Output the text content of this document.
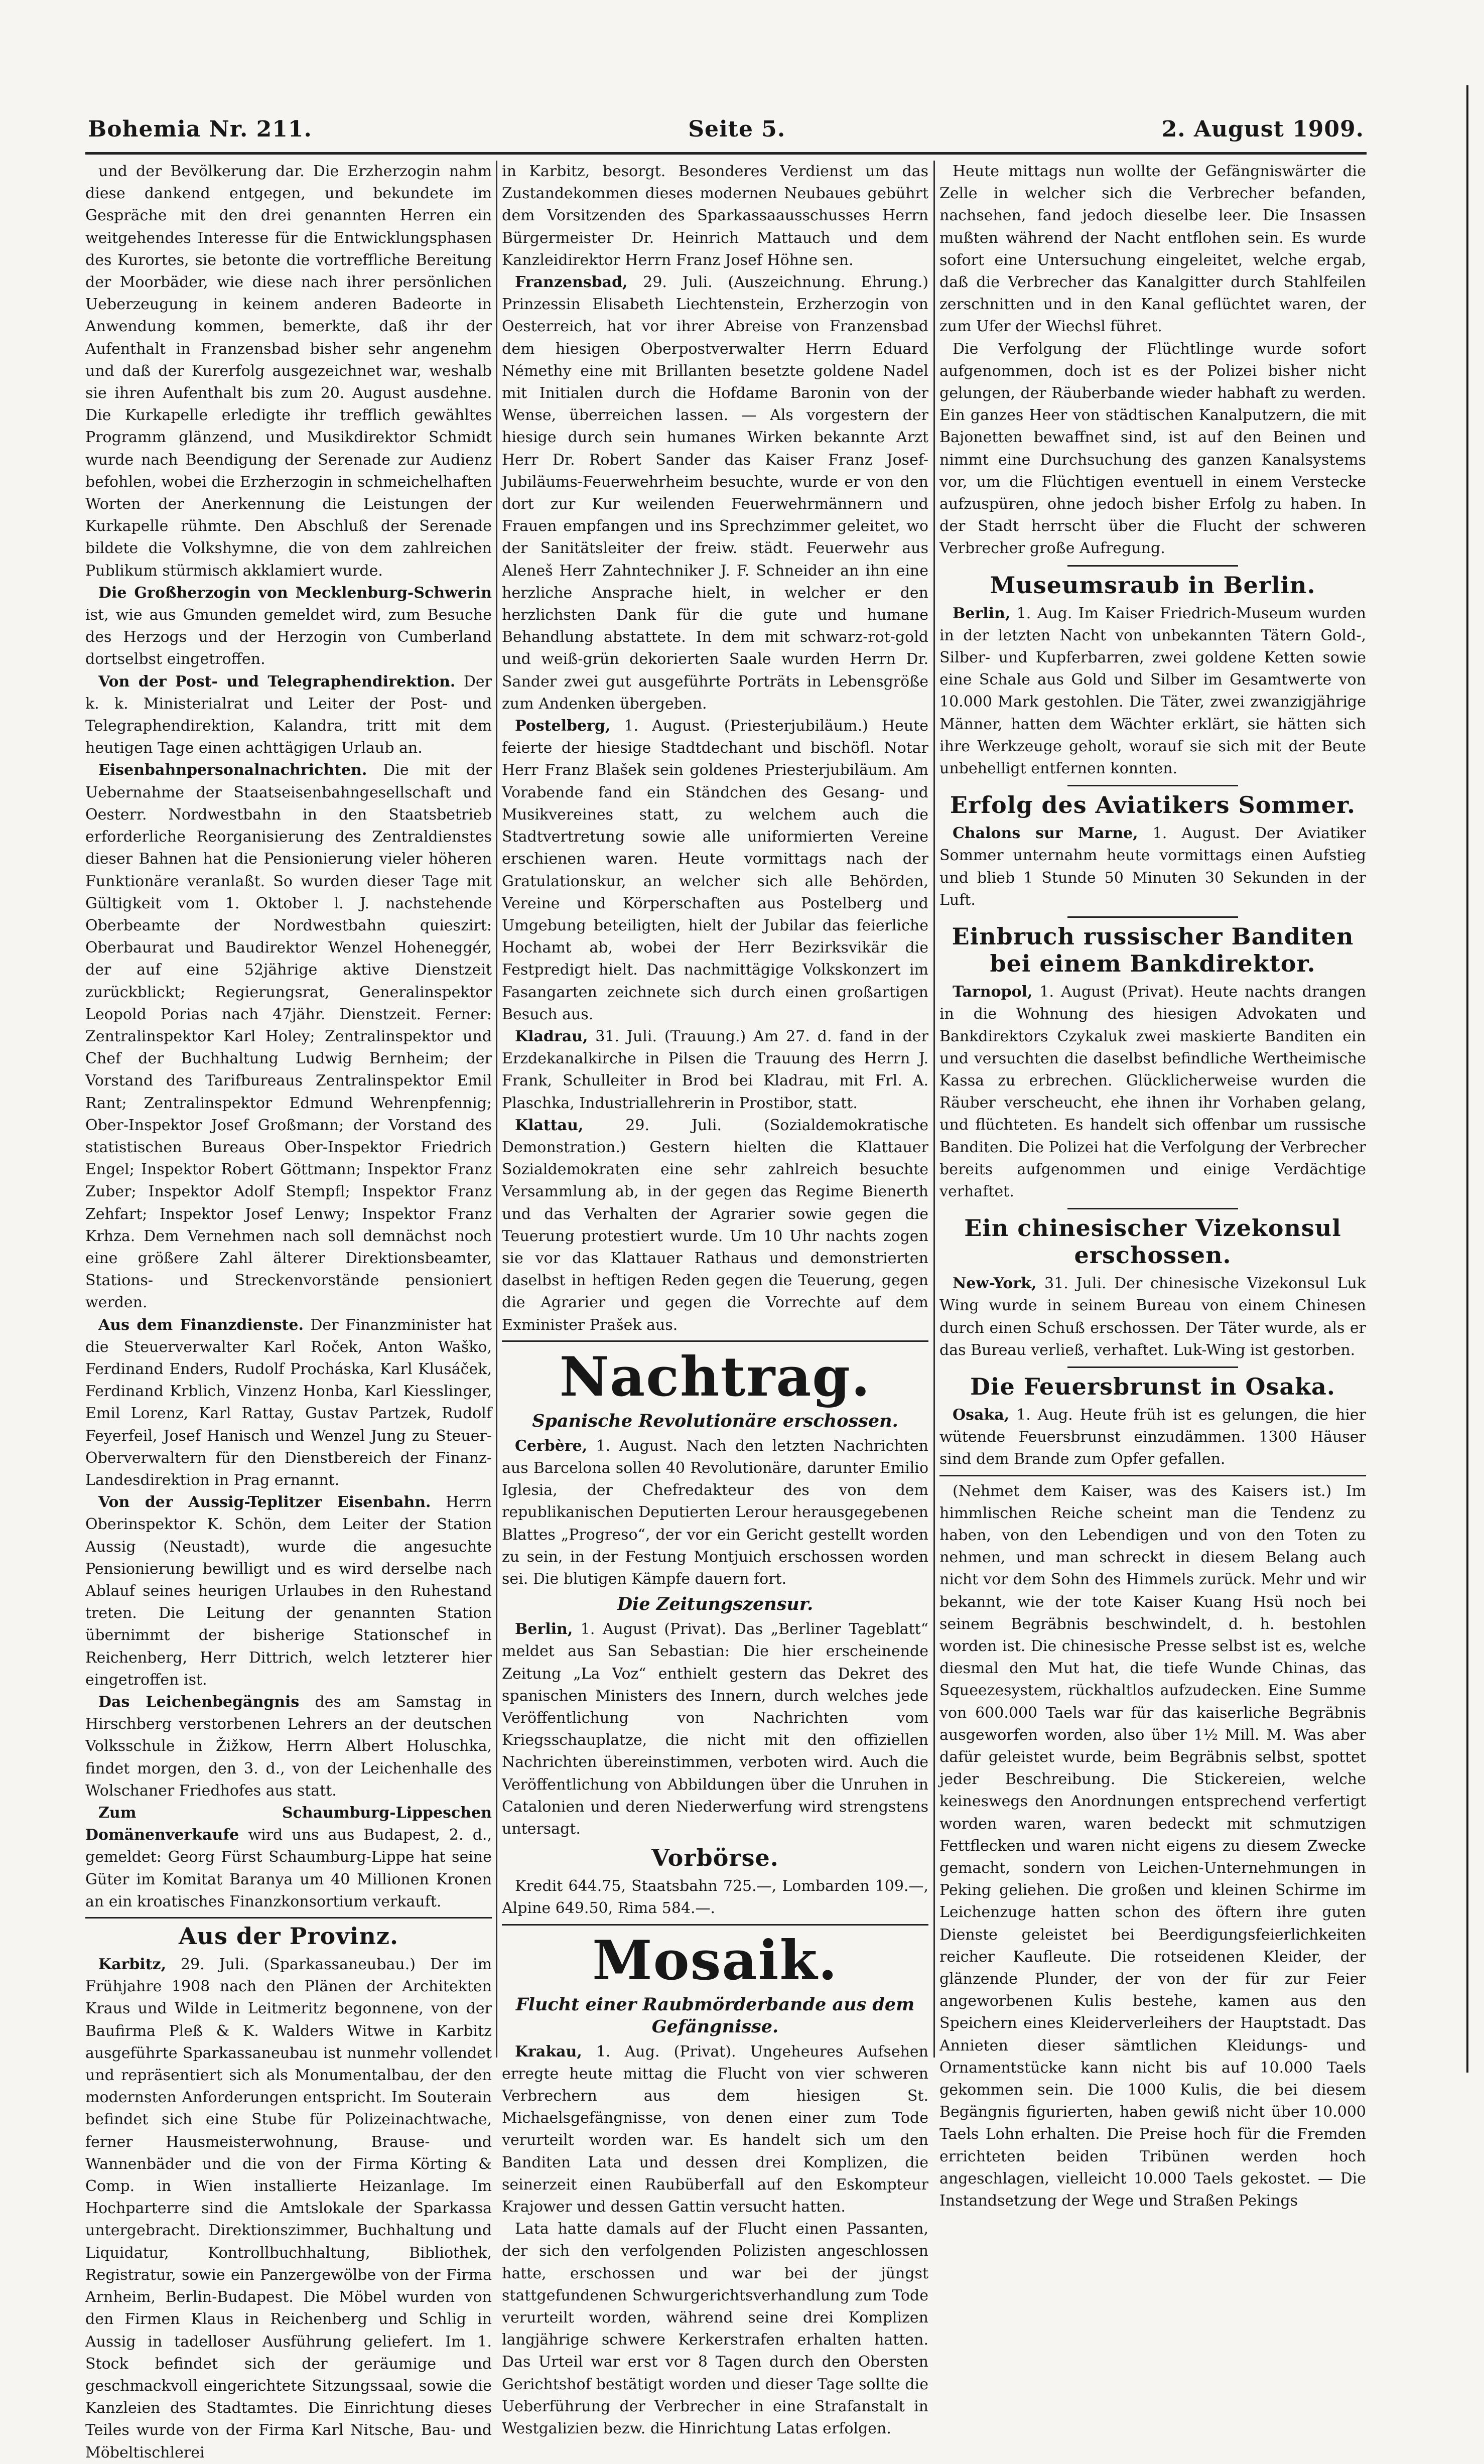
Bohemia Nr. 211.	Seite 5.	2. August 1909.

und der Bevölkerung dar. Die Erzherzogin nahm diese dankend entgegen, und bekundete im Gespräche mit den drei genannten Herren ein weitgehendes Interesse für die Entwicklungsphasen des Kurortes, sie betonte die vortreffliche Bereitung der Moorbäder, wie diese nach ihrer persönlichen Ueberzeugung in keinem anderen Badeorte in Anwendung kommen, bemerkte, daß ihr der Aufenthalt in Franzensbad bisher sehr angenehm und daß der Kurerfolg ausgezeichnet war, weshalb sie ihren Aufenthalt bis zum 20. August ausdehne. Die Kurkapelle erledigte ihr trefflich gewähltes Programm glänzend, und Musikdirektor Schmidt wurde nach Beendigung der Serenade zur Audienz befohlen, wobei die Erzherzogin in schmeichelhaften Worten der Anerkennung die Leistungen der Kurkapelle rühmte. Den Abschluß der Serenade bildete die Volkshymne, die von dem zahlreichen Publikum stürmisch akklamiert wurde.

Die Großherzogin von Mecklenburg-Schwerin ist, wie aus Gmunden gemeldet wird, zum Besuche des Herzogs und der Herzogin von Cumberland dortselbst eingetroffen.

Von der Post- und Telegraphendirektion. Der k. k. Ministerialrat und Leiter der Post- und Telegraphendirektion, Kalandra, tritt mit dem heutigen Tage einen achttägigen Urlaub an.

Eisenbahnpersonalnachrichten. Die mit der Uebernahme der Staatseisenbahngesellschaft und Oesterr. Nordwestbahn in den Staatsbetrieb erforderliche Reorganisierung des Zentraldienstes dieser Bahnen hat die Pensionierung vieler höheren Funktionäre veranlaßt. So wurden dieser Tage mit Gültigkeit vom 1. Oktober l. J. nachstehende Oberbeamte der Nordwestbahn quieszirt: Oberbaurat und Baudirektor Wenzel Hoheneggér, der auf eine 52jährige aktive Dienstzeit zurückblickt; Regierungsrat, Generalinspektor Leopold Porias nach 47jähr. Dienstzeit. Ferner: Zentralinspektor Karl Holey; Zentralinspektor und Chef der Buchhaltung Ludwig Bernheim; der Vorstand des Tarifbureaus Zentralinspektor Emil Rant; Zentralinspektor Edmund Wehrenpfennig; Ober-Inspektor Josef Großmann; der Vorstand des statistischen Bureaus Ober-Inspektor Friedrich Engel; Inspektor Robert Göttmann; Inspektor Franz Zuber; Inspektor Adolf Stempfl; Inspektor Franz Zehfart; Inspektor Josef Lenwy; Inspektor Franz Krhza. Dem Vernehmen nach soll demnächst noch eine größere Zahl älterer Direktionsbeamter, Stations- und Streckenvorstände pensioniert werden.

Aus dem Finanzdienste. Der Finanzminister hat die Steuerverwalter Karl Roček, Anton Waško, Ferdinand Enders, Rudolf Procháska, Karl Klusáček, Ferdinand Krblich, Vinzenz Honba, Karl Kiesslinger, Emil Lorenz, Karl Rattay, Gustav Partzek, Rudolf Feyerfeil, Josef Hanisch und Wenzel Jung zu Steuer-Oberverwaltern für den Dienstbereich der Finanz-Landesdirektion in Prag ernannt.

Von der Aussig-Teplitzer Eisenbahn. Herrn Oberinspektor K. Schön, dem Leiter der Station Aussig (Neustadt), wurde die angesuchte Pensionierung bewilligt und es wird derselbe nach Ablauf seines heurigen Urlaubes in den Ruhestand treten. Die Leitung der genannten Station übernimmt der bisherige Stationschef in Reichenberg, Herr Dittrich, welch letzterer hier eingetroffen ist.

Das Leichenbegängnis des am Samstag in Hirschberg verstorbenen Lehrers an der deutschen Volksschule in Žižkow, Herrn Albert Holuschka, findet morgen, den 3. d., von der Leichenhalle des Wolschaner Friedhofes aus statt.

Zum Schaumburg-Lippeschen Domänenverkaufe wird uns aus Budapest, 2. d., gemeldet: Georg Fürst Schaumburg-Lippe hat seine Güter im Komitat Baranya um 40 Millionen Kronen an ein kroatisches Finanzkonsortium verkauft.

Aus der Provinz.

Karbitz, 29. Juli. (Sparkassaneubau.) Der im Frühjahre 1908 nach den Plänen der Architekten Kraus und Wilde in Leitmeritz begonnene, von der Baufirma Pleß & K. Walders Witwe in Karbitz ausgeführte Sparkassaneubau ist nunmehr vollendet und repräsentiert sich als Monumentalbau, der den modernsten Anforderungen entspricht. Im Souterain befindet sich eine Stube für Polizeinachtwache, ferner Hausmeisterwohnung, Brause- und Wannenbäder und die von der Firma Körting & Comp. in Wien installierte Heizanlage. Im Hochparterre sind die Amtslokale der Sparkassa untergebracht. Direktionszimmer, Buchhaltung und Liquidatur, Kontrollbuchhaltung, Bibliothek, Registratur, sowie ein Panzergewölbe von der Firma Arnheim, Berlin-Budapest. Die Möbel wurden von den Firmen Klaus in Reichenberg und Schlig in Aussig in tadelloser Ausführung geliefert. Im 1. Stock befindet sich der geräumige und geschmackvoll eingerichtete Sitzungssaal, sowie die Kanzleien des Stadtamtes. Die Einrichtung dieses Teiles wurde von der Firma Karl Nitsche, Bau- und Möbeltischlerei

in Karbitz, besorgt. Besonderes Verdienst um das Zustandekommen dieses modernen Neubaues gebührt dem Vorsitzenden des Sparkassaausschusses Herrn Bürgermeister Dr. Heinrich Mattauch und dem Kanzleidirektor Herrn Franz Josef Höhne sen.

Franzensbad, 29. Juli. (Auszeichnung. Ehrung.) Prinzessin Elisabeth Liechtenstein, Erzherzogin von Oesterreich, hat vor ihrer Abreise von Franzensbad dem hiesigen Oberpostverwalter Herrn Eduard Némethy eine mit Brillanten besetzte goldene Nadel mit Initialen durch die Hofdame Baronin von der Wense, überreichen lassen. — Als vorgestern der hiesige durch sein humanes Wirken bekannte Arzt Herr Dr. Robert Sander das Kaiser Franz Josef-Jubiläums-Feuerwehrheim besuchte, wurde er von den dort zur Kur weilenden Feuerwehrmännern und Frauen empfangen und ins Sprechzimmer geleitet, wo der Sanitätsleiter der freiw. städt. Feuerwehr aus Aleneš Herr Zahntechniker J. F. Schneider an ihn eine herzliche Ansprache hielt, in welcher er den herzlichsten Dank für die gute und humane Behandlung abstattete. In dem mit schwarz-rot-gold und weiß-grün dekorierten Saale wurden Herrn Dr. Sander zwei gut ausgeführte Porträts in Lebensgröße zum Andenken übergeben.

Postelberg, 1. August. (Priesterjubiläum.) Heute feierte der hiesige Stadtdechant und bischöfl. Notar Herr Franz Blašek sein goldenes Priesterjubiläum. Am Vorabende fand ein Ständchen des Gesang- und Musikvereines statt, zu welchem auch die Stadtvertretung sowie alle uniformierten Vereine erschienen waren. Heute vormittags nach der Gratulationskur, an welcher sich alle Behörden, Vereine und Körperschaften aus Postelberg und Umgebung beteiligten, hielt der Jubilar das feierliche Hochamt ab, wobei der Herr Bezirksvikär die Festpredigt hielt. Das nachmittägige Volkskonzert im Fasangarten zeichnete sich durch einen großartigen Besuch aus.

Kladrau, 31. Juli. (Trauung.) Am 27. d. fand in der Erzdekanalkirche in Pilsen die Trauung des Herrn J. Frank, Schulleiter in Brod bei Kladrau, mit Frl. A. Plaschka, Industriallehrerin in Prostibor, statt.

Klattau, 29. Juli. (Sozialdemokratische Demonstration.) Gestern hielten die Klattauer Sozialdemokraten eine sehr zahlreich besuchte Versammlung ab, in der gegen das Regime Bienerth und das Verhalten der Agrarier sowie gegen die Teuerung protestiert wurde. Um 10 Uhr nachts zogen sie vor das Klattauer Rathaus und demonstrierten daselbst in heftigen Reden gegen die Teuerung, gegen die Agrarier und gegen die Vorrechte auf dem Exminister Prašek aus.

Nachtrag.
Spanische Revolutionäre erschossen.

Cerbère, 1. August. Nach den letzten Nachrichten aus Barcelona sollen 40 Revolutionäre, darunter Emilio Iglesia, der Chefredakteur des von dem republikanischen Deputierten Lerour herausgegebenen Blattes „Progreso“, der vor ein Gericht gestellt worden zu sein, in der Festung Montjuich erschossen worden sei. Die blutigen Kämpfe dauern fort.

Die Zeitungszensur.

Berlin, 1. August (Privat). Das „Berliner Tageblatt“ meldet aus San Sebastian: Die hier erscheinende Zeitung „La Voz“ enthielt gestern das Dekret des spanischen Ministers des Innern, durch welches jede Veröffentlichung von Nachrichten vom Kriegsschauplatze, die nicht mit den offiziellen Nachrichten übereinstimmen, verboten wird. Auch die Veröffentlichung von Abbildungen über die Unruhen in Catalonien und deren Niederwerfung wird strengstens untersagt.

Vorbörse.

Kredit 644.75, Staatsbahn 725.—, Lombarden 109.—, Alpine 649.50, Rima 584.—.

Mosaik.
Flucht einer Raubmörderbande aus dem Gefängnisse.

Krakau, 1. Aug. (Privat). Ungeheures Aufsehen erregte heute mittag die Flucht von vier schweren Verbrechern aus dem hiesigen St. Michaelsgefängnisse, von denen einer zum Tode verurteilt worden war. Es handelt sich um den Banditen Lata und dessen drei Komplizen, die seinerzeit einen Raubüberfall auf den Eskompteur Krajower und dessen Gattin versucht hatten.

Lata hatte damals auf der Flucht einen Passanten, der sich den verfolgenden Polizisten angeschlossen hatte, erschossen und war bei der jüngst stattgefundenen Schwurgerichtsverhandlung zum Tode verurteilt worden, während seine drei Komplizen langjährige schwere Kerkerstrafen erhalten hatten. Das Urteil war erst vor 8 Tagen durch den Obersten Gerichtshof bestätigt worden und dieser Tage sollte die Ueberführung der Verbrecher in eine Strafanstalt in Westgalizien bezw. die Hinrichtung Latas erfolgen.

Heute mittags nun wollte der Gefängniswärter die Zelle in welcher sich die Verbrecher befanden, nachsehen, fand jedoch dieselbe leer. Die Insassen mußten während der Nacht entflohen sein. Es wurde sofort eine Untersuchung eingeleitet, welche ergab, daß die Verbrecher das Kanalgitter durch Stahlfeilen zerschnitten und in den Kanal geflüchtet waren, der zum Ufer der Wiechsl führet.

Die Verfolgung der Flüchtlinge wurde sofort aufgenommen, doch ist es der Polizei bisher nicht gelungen, der Räuberbande wieder habhaft zu werden. Ein ganzes Heer von städtischen Kanalputzern, die mit Bajonetten bewaffnet sind, ist auf den Beinen und nimmt eine Durchsuchung des ganzen Kanalsystems vor, um die Flüchtigen eventuell in einem Verstecke aufzuspüren, ohne jedoch bisher Erfolg zu haben. In der Stadt herrscht über die Flucht der schweren Verbrecher große Aufregung.

Museumsraub in Berlin.

Berlin, 1. Aug. Im Kaiser Friedrich-Museum wurden in der letzten Nacht von unbekannten Tätern Gold-, Silber- und Kupferbarren, zwei goldene Ketten sowie eine Schale aus Gold und Silber im Gesamtwerte von 10.000 Mark gestohlen. Die Täter, zwei zwanzigjährige Männer, hatten dem Wächter erklärt, sie hätten sich ihre Werkzeuge geholt, worauf sie sich mit der Beute unbehelligt entfernen konnten.

Erfolg des Aviatikers Sommer.

Chalons sur Marne, 1. August. Der Aviatiker Sommer unternahm heute vormittags einen Aufstieg und blieb 1 Stunde 50 Minuten 30 Sekunden in der Luft.

Einbruch russischer Banditen bei einem Bankdirektor.

Tarnopol, 1. August (Privat). Heute nachts drangen in die Wohnung des hiesigen Advokaten und Bankdirektors Czykaluk zwei maskierte Banditen ein und versuchten die daselbst befindliche Wertheimische Kassa zu erbrechen. Glücklicherweise wurden die Räuber verscheucht, ehe ihnen ihr Vorhaben gelang, und flüchteten. Es handelt sich offenbar um russische Banditen. Die Polizei hat die Verfolgung der Verbrecher bereits aufgenommen und einige Verdächtige verhaftet.

Ein chinesischer Vizekonsul erschossen.

New-York, 31. Juli. Der chinesische Vizekonsul Luk Wing wurde in seinem Bureau von einem Chinesen durch einen Schuß erschossen. Der Täter wurde, als er das Bureau verließ, verhaftet. Luk-Wing ist gestorben.

Die Feuersbrunst in Osaka.

Osaka, 1. Aug. Heute früh ist es gelungen, die hier wütende Feuersbrunst einzudämmen. 1300 Häuser sind dem Brande zum Opfer gefallen.

(Nehmet dem Kaiser, was des Kaisers ist.) Im himmlischen Reiche scheint man die Tendenz zu haben, von den Lebendigen und von den Toten zu nehmen, und man schreckt in diesem Belang auch nicht vor dem Sohn des Himmels zurück. Mehr und wir bekannt, wie der tote Kaiser Kuang Hsü noch bei seinem Begräbnis beschwindelt, d. h. bestohlen worden ist. Die chinesische Presse selbst ist es, welche diesmal den Mut hat, die tiefe Wunde Chinas, das Squeezesystem, rückhaltlos aufzudecken. Eine Summe von 600.000 Taels war für das kaiserliche Begräbnis ausgeworfen worden, also über 1½ Mill. M. Was aber dafür geleistet wurde, beim Begräbnis selbst, spottet jeder Beschreibung. Die Stickereien, welche keineswegs den Anordnungen entsprechend verfertigt worden waren, waren bedeckt mit schmutzigen Fettflecken und waren nicht eigens zu diesem Zwecke gemacht, sondern von Leichen-Unternehmungen in Peking geliehen. Die großen und kleinen Schirme im Leichenzuge hatten schon des öftern ihre guten Dienste geleistet bei Beerdigungsfeierlichkeiten reicher Kaufleute. Die rotseidenen Kleider, der glänzende Plunder, der von der für zur Feier angeworbenen Kulis bestehe, kamen aus den Speichern eines Kleiderverleihers der Hauptstadt. Das Annieten dieser sämtlichen Kleidungs- und Ornamentstücke kann nicht bis auf 10.000 Taels gekommen sein. Die 1000 Kulis, die bei diesem Begängnis figurierten, haben gewiß nicht über 10.000 Taels Lohn erhalten. Die Preise hoch für die Fremden errichteten beiden Tribünen werden hoch angeschlagen, vielleicht 10.000 Taels gekostet. — Die Instandsetzung der Wege und Straßen Pekings
